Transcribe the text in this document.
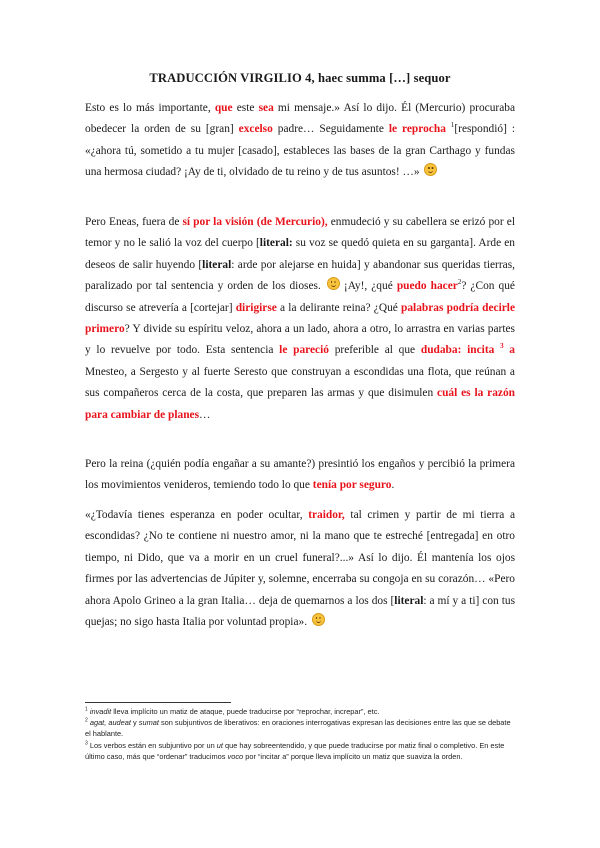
TRADUCCIÓN VIRGILIO 4, haec summa […] sequor

Esto es lo más importante, que este sea mi mensaje.» Así lo dijo. Él (Mercurio) procuraba obedecer la orden de su [gran] excelso padre… Seguidamente le reprocha $^1$[respondió] : «¿ahora tú, sometido a tu mujer [casado], estableces las bases de la gran Carthago y fundas una hermosa ciudad? ¡Ay de ti, olvidado de tu reino y de tus asuntos! …»

Pero Eneas, fuera de sí por la visión (de Mercurio), enmudeció y su cabellera se erizó por el temor y no le salió la voz del cuerpo [literal: su voz se quedó quieta en su garganta]. Arde en deseos de salir huyendo [literal: arde por alejarse en huida] y abandonar sus queridas tierras, paralizado por tal sentencia y orden de los dioses.  ¡Ay!, ¿qué puedo hacer$^2$? ¿Con qué discurso se atrevería a [cortejar] dirigirse a la delirante reina? ¿Qué palabras podría decirle primero? Y divide su espíritu veloz, ahora a un lado, ahora a otro, lo arrastra en varias partes y lo revuelve por todo. Esta sentencia le pareció preferible al que dudaba: incita $^3$ a Mnesteo, a Sergesto y al fuerte Seresto que construyan a escondidas una flota, que reúnan a sus compañeros cerca de la costa, que preparen las armas y que disimulen cuál es la razón para cambiar de planes…

Pero la reina (¿quién podía engañar a su amante?) presintió los engaños y percibió la primera los movimientos venideros, temiendo todo lo que tenía por seguro.

«¿Todavía tienes esperanza en poder ocultar, traidor, tal crimen y partir de mi tierra a escondidas? ¿No te contiene ni nuestro amor, ni la mano que te estreché [entregada] en otro tiempo, ni Dido, que va a morir en un cruel funeral?...» Así lo dijo. Él mantenía los ojos firmes por las advertencias de Júpiter y, solemne, encerraba su congoja en su corazón… «Pero ahora Apolo Grineo a la gran Italia… deja de quemarnos a los dos [literal: a mí y a ti] con tus quejas; no sigo hasta Italia por voluntad propia».

$^1$ invadit lleva implícito un matiz de ataque, puede traducirse por “reprochar, increpar”, etc.

$^2$ agat, audeat y sumat son subjuntivos de liberativos: en oraciones interrogativas expresan las decisiones entre las que se debate el hablante.

$^3$ Los verbos están en subjuntivo por un ut que hay sobreentendido, y que puede traducirse por matiz final o completivo. En este último caso, más que “ordenar” traducimos voco por “incitar a” porque lleva implícito un matiz que suaviza la orden.
